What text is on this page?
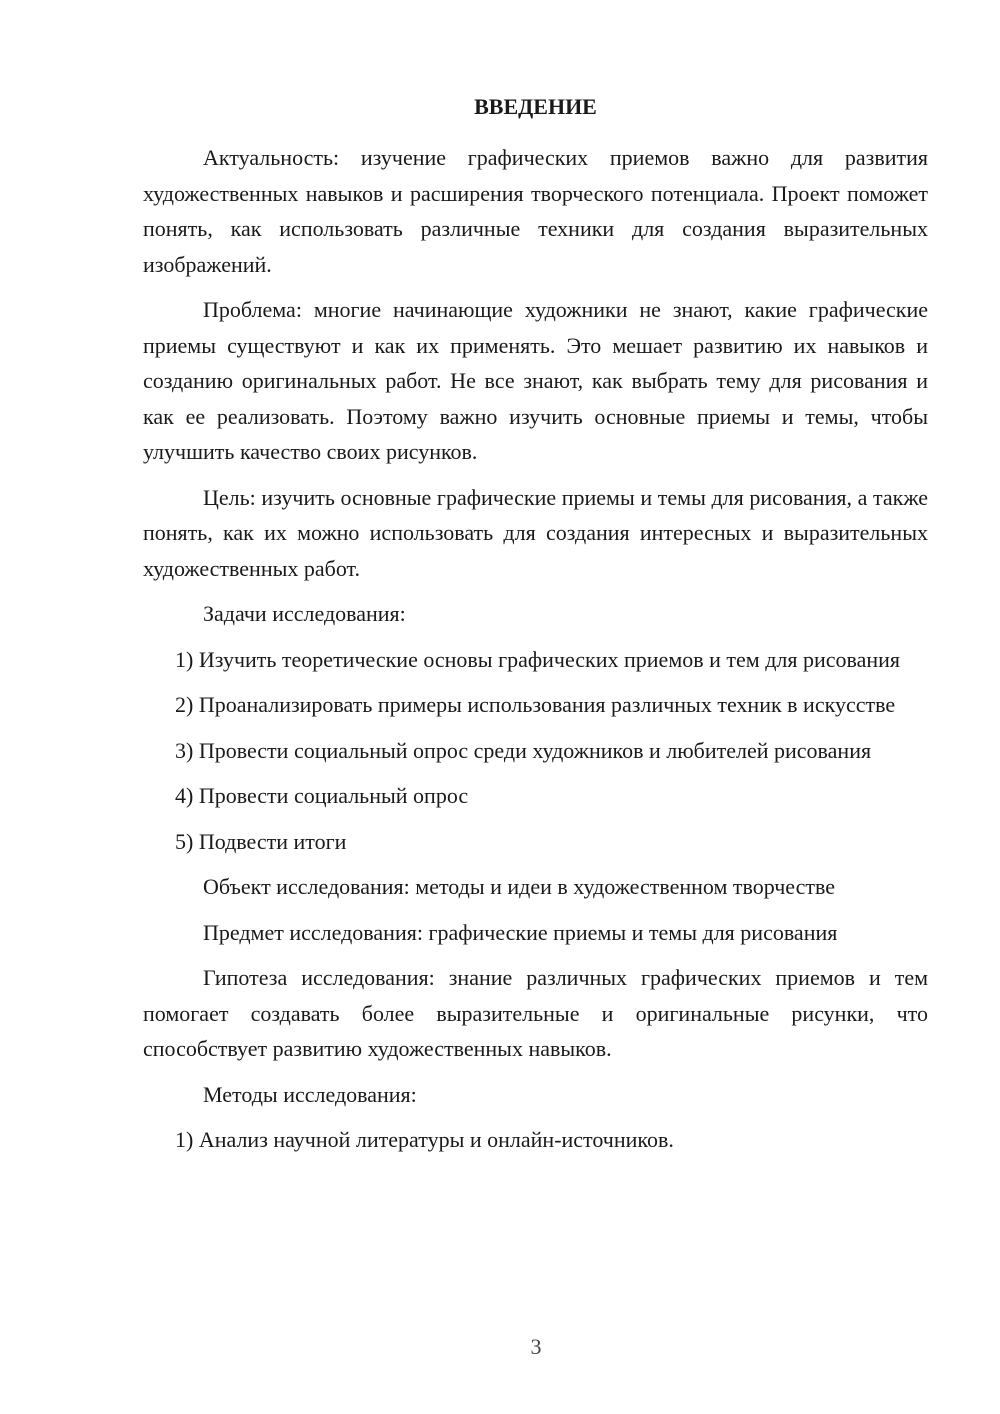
ВВЕДЕНИЕ

Актуальность: изучение графических приемов важно для развития художественных навыков и расширения творческого потенциала. Проект поможет понять, как использовать различные техники для создания выразительных изображений.

Проблема: многие начинающие художники не знают, какие графические приемы существуют и как их применять. Это мешает развитию их навыков и созданию оригинальных работ. Не все знают, как выбрать тему для рисования и как ее реализовать. Поэтому важно изучить основные приемы и темы, чтобы улучшить качество своих рисунков.

Цель: изучить основные графические приемы и темы для рисования, а также понять, как их можно использовать для создания интересных и выразительных художественных работ.

Задачи исследования:

1) Изучить теоретические основы графических приемов и тем для рисования

2) Проанализировать примеры использования различных техник в искусстве

3) Провести социальный опрос среди художников и любителей рисования

4) Провести социальный опрос

5) Подвести итоги

Объект исследования: методы и идеи в художественном творчестве

Предмет исследования: графические приемы и темы для рисования

Гипотеза исследования: знание различных графических приемов и тем помогает создавать более выразительные и оригинальные рисунки, что способствует развитию художественных навыков.

Методы исследования:

1) Анализ научной литературы и онлайн-источников.

3
